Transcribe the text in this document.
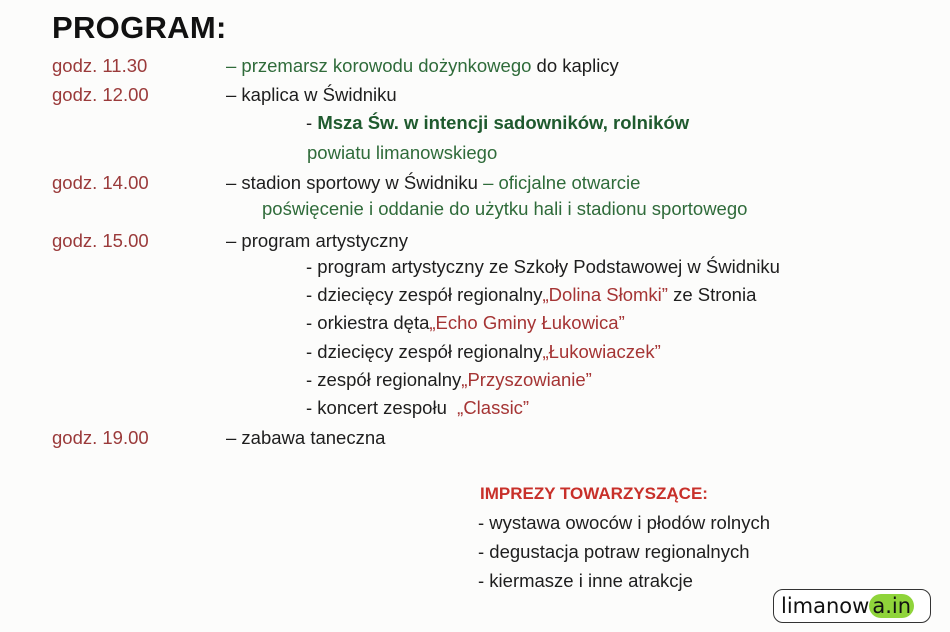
PROGRAM:
godz. 11.30	– przemarsz korowodu dożynkowego do kaplicy
godz. 12.00	– kaplica w Świdniku
- Msza Św. w intencji sadowników, rolników
powiatu limanowskiego
godz. 14.00	– stadion sportowy w Świdniku – oficjalne otwarcie
poświęcenie i oddanie do użytku hali i stadionu sportowego
godz. 15.00	– program artystyczny
- program artystyczny ze Szkoły Podstawowej w Świdniku
- dziecięcy zespół regionalny„Dolina Słomki” ze Stronia
- orkiestra dęta„Echo Gminy Łukowica”
- dziecięcy zespół regionalny„Łukowiaczek”
- zespół regionalny„Przyszowianie”
- koncert zespołu  „Classic”
godz. 19.00	– zabawa taneczna
IMPREZY TOWARZYSZĄCE:
- wystawa owoców i płodów rolnych
- degustacja potraw regionalnych
- kiermasze i inne atrakcje
limanow a.in
